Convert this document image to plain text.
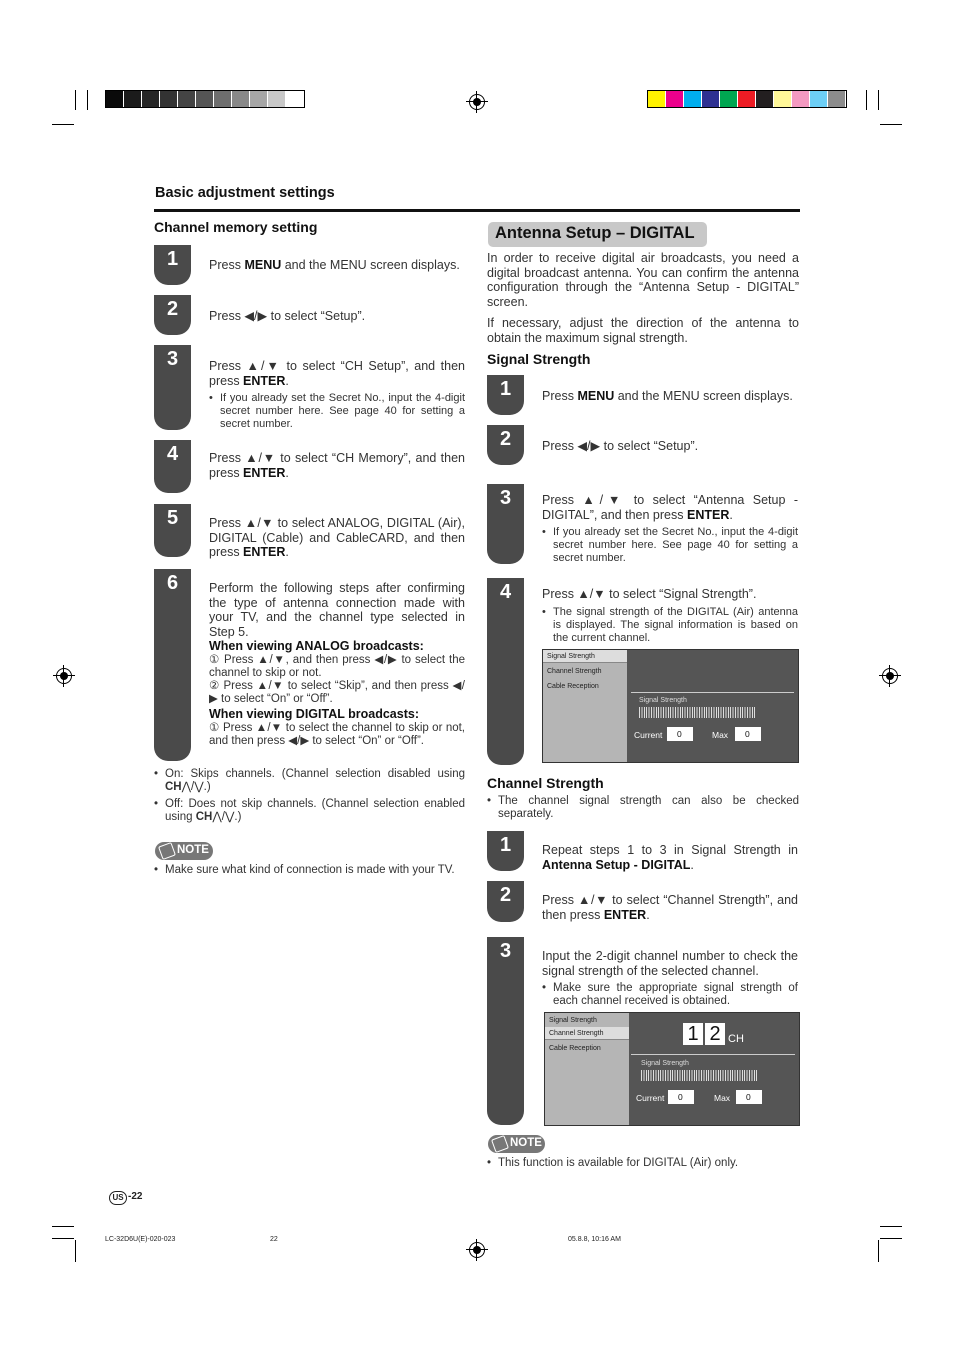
Basic adjustment settings
Channel memory setting
1	Press MENU and the MENU screen displays.
2	Press ◀/▶ to select “Setup”.
3	Press ▲/▼ to select “CH Setup”, and then press ENTER.
4	Press ▲/▼ to select “CH Memory”, and then press ENTER.
5	Press ▲/▼ to select ANALOG, DIGITAL (Air), DIGITAL (Cable) and CableCARD, and then press ENTER.
6	Perform the following steps after confirming the type of antenna connection made with your TV, and the channel type selected in Step 5.
• If you already set the Secret No., input the 4-digit secret number here. See page 40 for setting a secret number.
When viewing ANALOG broadcasts:
① Press ▲/▼, and then press ◀/▶ to select the channel to skip or not.
② Press ▲/▼ to select “Skip”, and then press ◀/▶ to select “On” or “Off”.
When viewing DIGITAL broadcasts:
① Press ▲/▼ to select the channel to skip or not, and then press ◀/▶ to select “On” or “Off”.
• On: Skips channels. (Channel selection disabled using CH⋀/⋁.)
• Off: Does not skip channels. (Channel selection enabled using CH⋀/⋁.)
NOTE
• Make sure what kind of connection is made with your TV.
Antenna Setup – DIGITAL
In order to receive digital air broadcasts, you need a digital broadcast antenna. You can confirm the antenna configuration through the “Antenna Setup - DIGITAL” screen.
If necessary, adjust the direction of the antenna to obtain the maximum signal strength.
Signal Strength
1	Press MENU and the MENU screen displays.
2	Press ◀/▶ to select “Setup”.
3	Press ▲/▼ to select “Antenna Setup - DIGITAL”, and then press ENTER.
4	Press ▲/▼ to select “Signal Strength”.
• If you already set the Secret No., input the 4-digit secret number here. See page 40 for setting a secret number.
• The signal strength of the DIGITAL (Air) antenna is displayed. The signal information is based on the current channel.
Signal Strength
Channel Strength
Cable Reception
Signal Strength
Current	0	Max	0
Channel Strength
• The channel signal strength can also be checked separately.
1	Repeat steps 1 to 3 in Signal Strength in Antenna Setup - DIGITAL.
2	Press ▲/▼ to select “Channel Strength”, and then press ENTER.
3	Input the 2-digit channel number to check the signal strength of the selected channel.
• Make sure the appropriate signal strength of each channel received is obtained.
Signal Strength
Channel Strength
Cable Reception
1 2 CH
Signal Strength
Current	0	Max	0
NOTE
• This function is available for DIGITAL (Air) only.
US -22
LC-32D6U(E)-020-023	22	05.8.8, 10:16 AM
